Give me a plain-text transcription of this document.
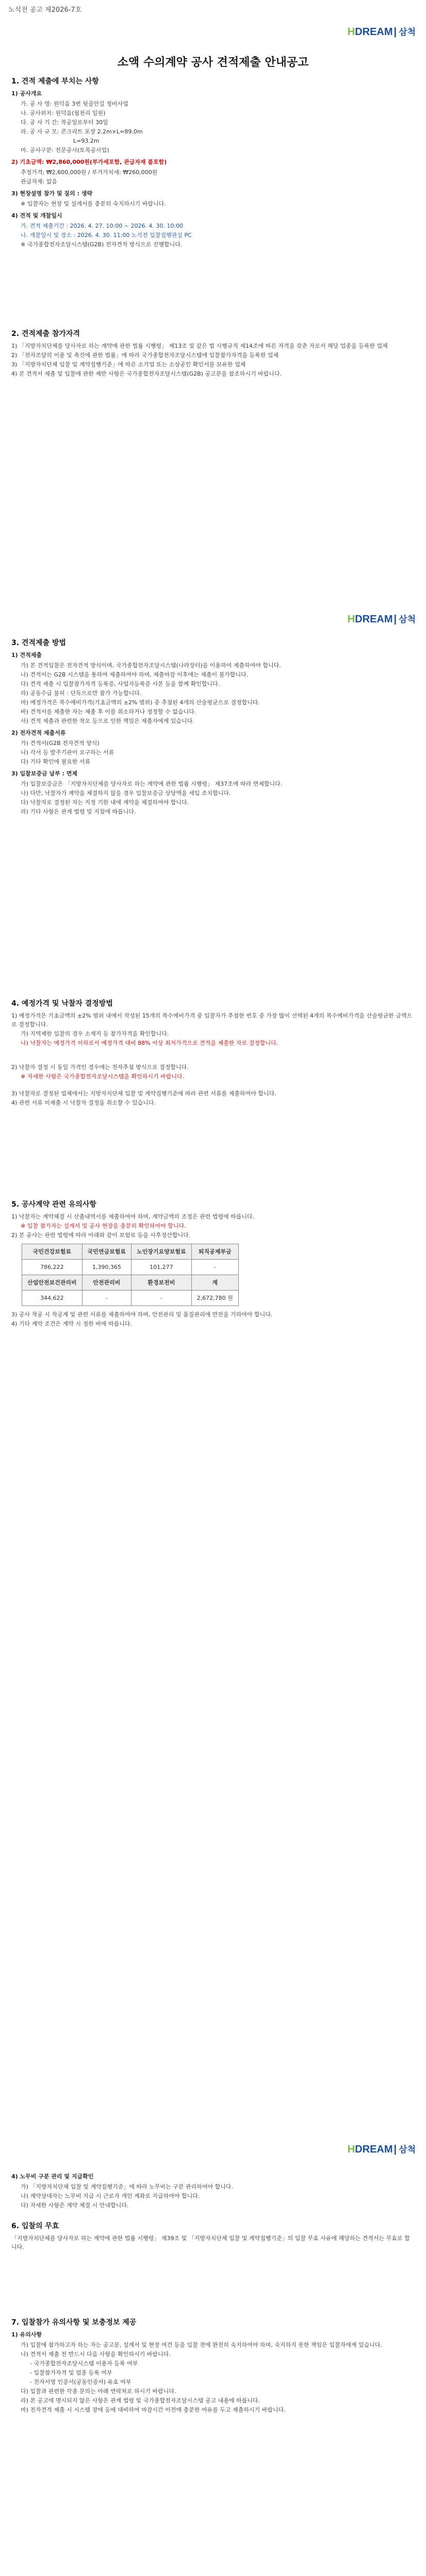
노석전 공고 제2026-7호
H DREAM | 삼척
소액 수의계약 공사 견적제출 안내공고
1. 견적 제출에 부치는 사항
1) 공사개요
가. 공 사 명: 원덕읍 3번 뒷골안길 정비사업
나. 공사위치: 원덕읍(월천리 일원)
다. 공 사 기 간: 착공일로부터 30일
라. 공 사 규 모: 콘크리트 포장 2.2m×L=89.0m
L=93.2m
마. 공사구분: 전문공사(토목공사업)
2) 기초금액: ₩2,860,000원(부가세포함, 관급자재 불포함)
추정가격: ₩2,600,000원 / 부가가치세: ₩260,000원
관급자재: 없음
3) 현장설명 참가 및 질의 : 생략
※ 입찰자는 현장 및 설계서를 충분히 숙지하시기 바랍니다.
4) 견적 및 개찰일시
가. 견적 제출기간 : 2026. 4. 27. 10:00 ~ 2026. 4. 30. 10:00
나. 개찰일시 및 장소 : 2026. 4. 30. 11:00 노석전 입찰집행관실 PC
※ 국가종합전자조달시스템(G2B) 전자견적 방식으로 진행합니다.
2. 견적제출 참가자격
1) 「지방자치단체를 당사자로 하는 계약에 관한 법률 시행령」 제13조 및 같은 법 시행규칙 제14조에 따른 자격을 갖춘 자로서 해당 업종을 등록한 업체
2) 「전자조달의 이용 및 촉진에 관한 법률」에 따라 국가종합전자조달시스템에 입찰참가자격을 등록한 업체
3) 「지방자치단체 입찰 및 계약집행기준」에 따른 소기업 또는 소상공인 확인서를 보유한 업체
4) 본 견적서 제출 및 입찰에 관한 제반 사항은 국가종합전자조달시스템(G2B) 공고문을 참조하시기 바랍니다.
H DREAM | 삼척
3. 견적제출 방법
1) 견적제출
가) 본 견적입찰은 전자견적 방식이며, 국가종합전자조달시스템(나라장터)을 이용하여 제출하여야 합니다.
나) 견적서는 G2B 시스템을 통하여 제출하여야 하며, 제출마감 이후에는 제출이 불가합니다.
다) 견적 제출 시 입찰참가자격 등록증, 사업자등록증 사본 등을 함께 확인합니다.
라) 공동수급 불허 : 단독으로만 참가 가능합니다.
마) 예정가격은 복수예비가격(기초금액의 ±2% 범위) 중 추첨된 4개의 산술평균으로 결정합니다.
바) 견적서를 제출한 자는 제출 후 이를 취소하거나 정정할 수 없습니다.
사) 견적 제출과 관련한 착오 등으로 인한 책임은 제출자에게 있습니다.
2) 전자견적 제출서류
가) 견적서(G2B 전자견적 양식)
나) 각서 등 발주기관이 요구하는 서류
다) 기타 확인에 필요한 서류
3) 입찰보증금 납부 : 면제
가) 입찰보증금은 「지방자치단체를 당사자로 하는 계약에 관한 법률 시행령」 제37조에 따라 면제합니다.
나) 다만, 낙찰자가 계약을 체결하지 않을 경우 입찰보증금 상당액을 세입 조치합니다.
다) 낙찰자로 결정된 자는 지정 기한 내에 계약을 체결하여야 합니다.
라) 기타 사항은 관계 법령 및 지침에 따릅니다.
4. 예정가격 및 낙찰자 결정방법
1) 예정가격은 기초금액의 ±2% 범위 내에서 작성된 15개의 복수예비가격 중 입찰자가 추첨한 번호 중 가장 많이 선택된 4개의 복수예비가격을 산술평균한 금액으로 결정합니다.
가) 지역제한 입찰의 경우 소재지 등 참가자격을 확인합니다.
나) 낙찰자는 예정가격 이하로서 예정가격 대비 88% 이상 최저가격으로 견적을 제출한 자로 결정합니다.
2) 낙찰자 결정 시 동일 가격인 경우에는 전자추첨 방식으로 결정합니다.
※ 자세한 사항은 국가종합전자조달시스템을 확인하시기 바랍니다.
3) 낙찰자로 결정된 업체에서는 지방자치단체 입찰 및 계약집행기준에 따라 관련 서류를 제출하여야 합니다.
4) 관련 서류 미제출 시 낙찰자 결정을 취소할 수 있습니다.
5. 공사계약 관련 유의사항
1) 낙찰자는 계약체결 시 산출내역서를 제출하여야 하며, 계약금액의 조정은 관련 법령에 따릅니다.
※ 입찰 참가자는 설계서 및 공사 현장을 충분히 확인하여야 합니다.
2) 본 공사는 관련 법령에 따라 아래와 같이 보험료 등을 사후정산합니다.
국민건강보험료	국민연금보험료	노인장기요양보험료	퇴직공제부금
786,222	1,390,365	101,277	-
산업안전보건관리비	안전관리비	환경보전비	계
344,622	-	-	2,672,780 원
3) 공사 착공 시 착공계 및 관련 서류를 제출하여야 하며, 안전관리 및 품질관리에 만전을 기하여야 합니다.
4) 기타 계약 조건은 계약 시 정한 바에 따릅니다.
H DREAM | 삼척
4) 노무비 구분 관리 및 지급확인
가) 「지방자치단체 입찰 및 계약집행기준」에 따라 노무비는 구분 관리하여야 합니다.
나) 계약상대자는 노무비 지급 시 근로자 개인 계좌로 지급하여야 합니다.
다) 자세한 사항은 계약 체결 시 안내합니다.
6. 입찰의 무효
「지방자치단체를 당사자로 하는 계약에 관한 법률 시행령」 제39조 및 「지방자치단체 입찰 및 계약집행기준」의 입찰 무효 사유에 해당하는 견적서는 무효로 합니다.
7. 입찰참가 유의사항 및 보충정보 제공
1) 유의사항
가) 입찰에 참가하고자 하는 자는 공고문, 설계서 및 현장 여건 등을 입찰 전에 완전히 숙지하여야 하며, 숙지하지 못한 책임은 입찰자에게 있습니다.
나) 견적서 제출 전 반드시 다음 사항을 확인하시기 바랍니다.
- 국가종합전자조달시스템 이용자 등록 여부
- 입찰참가자격 및 업종 등록 여부
- 전자서명 인증서(공동인증서) 유효 여부
다) 입찰과 관련한 각종 문의는 아래 연락처로 하시기 바랍니다.
라) 본 공고에 명시되지 않은 사항은 관계 법령 및 국가종합전자조달시스템 공고 내용에 따릅니다.
마) 전자견적 제출 시 시스템 장애 등에 대비하여 마감시간 이전에 충분한 여유를 두고 제출하시기 바랍니다.
